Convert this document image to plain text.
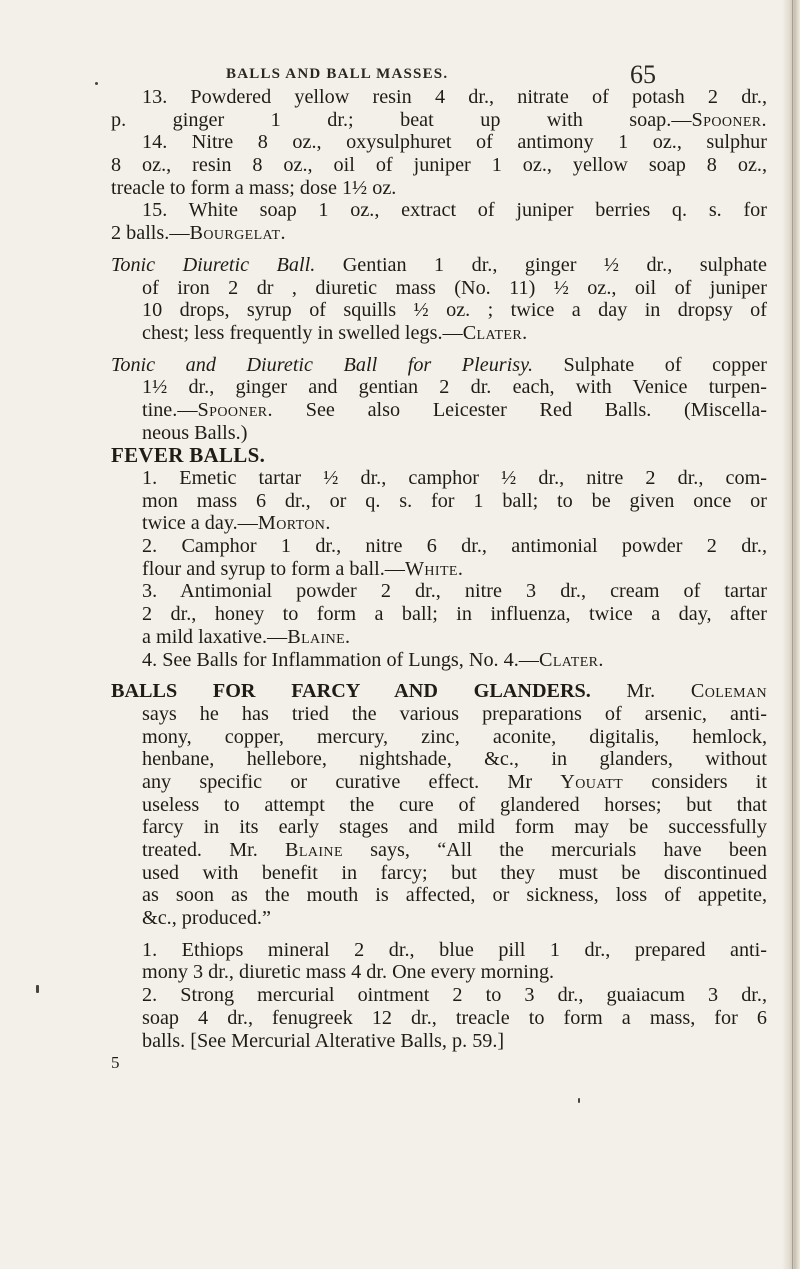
BALLS AND BALL MASSES.	65
13. Powdered yellow resin 4 dr., nitrate of potash 2 dr.,
p. ginger 1 dr.; beat up with soap.—Spooner.
14. Nitre 8 oz., oxysulphuret of antimony 1 oz., sulphur
8 oz., resin 8 oz., oil of juniper 1 oz., yellow soap 8 oz.,
treacle to form a mass; dose 1½ oz.
15. White soap 1 oz., extract of juniper berries q. s. for
2 balls.—Bourgelat.
Tonic Diuretic Ball. Gentian 1 dr., ginger ½ dr., sulphate
of iron 2 dr , diuretic mass (No. 11) ½ oz., oil of juniper
10 drops, syrup of squills ½ oz. ; twice a day in dropsy of
chest; less frequently in swelled legs.—Clater.
Tonic and Diuretic Ball for Pleurisy. Sulphate of copper
1½ dr., ginger and gentian 2 dr. each, with Venice turpen-
tine.—Spooner. See also Leicester Red Balls. (Miscella-
neous Balls.)
FEVER BALLS.
1. Emetic tartar ½ dr., camphor ½ dr., nitre 2 dr., com-
mon mass 6 dr., or q. s. for 1 ball; to be given once or
twice a day.—Morton.
2. Camphor 1 dr., nitre 6 dr., antimonial powder 2 dr.,
flour and syrup to form a ball.—White.
3. Antimonial powder 2 dr., nitre 3 dr., cream of tartar
2 dr., honey to form a ball; in influenza, twice a day, after
a mild laxative.—Blaine.
4. See Balls for Inflammation of Lungs, No. 4.—Clater.
BALLS FOR FARCY AND GLANDERS. Mr. Coleman
says he has tried the various preparations of arsenic, anti-
mony, copper, mercury, zinc, aconite, digitalis, hemlock,
henbane, hellebore, nightshade, &c., in glanders, without
any specific or curative effect. Mr Youatt considers it
useless to attempt the cure of glandered horses; but that
farcy in its early stages and mild form may be successfully
treated. Mr. Blaine says, “All the mercurials have been
used with benefit in farcy; but they must be discontinued
as soon as the mouth is affected, or sickness, loss of appetite,
&c., produced.”
1. Ethiops mineral 2 dr., blue pill 1 dr., prepared anti-
mony 3 dr., diuretic mass 4 dr. One every morning.
2. Strong mercurial ointment 2 to 3 dr., guaiacum 3 dr.,
soap 4 dr., fenugreek 12 dr., treacle to form a mass, for 6
balls. [See Mercurial Alterative Balls, p. 59.]
5
